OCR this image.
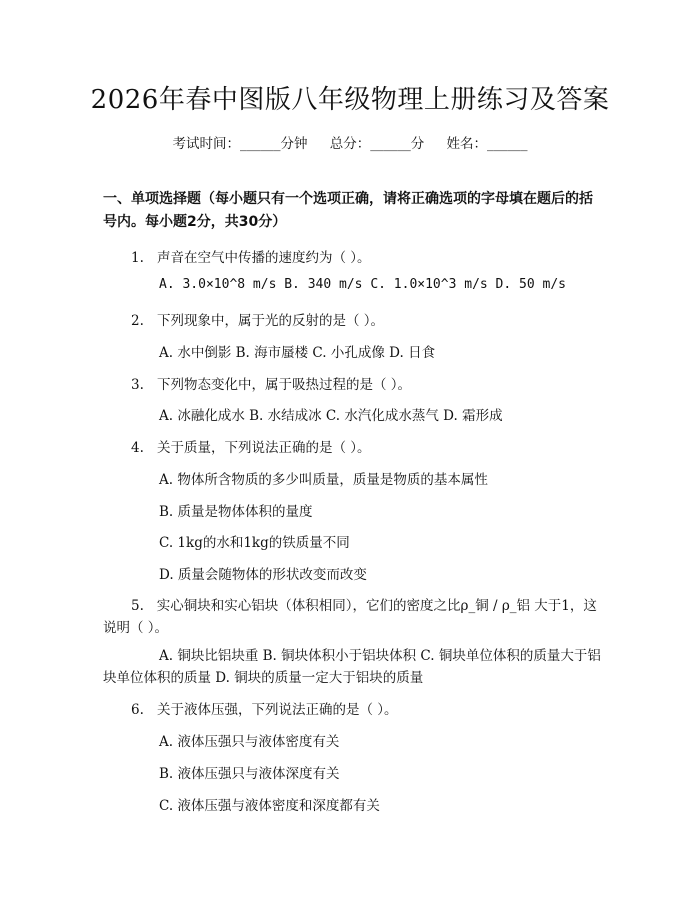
2026年春中图版八年级物理上册练习及答案
考试时间：______分钟 总分：______分 姓名：______
一、单项选择题（每小题只有一个选项正确，请将正确选项的字母填在题后的括号内。每小题2分，共30分）
1. 声音在空气中传播的速度约为（ ）。
A. 3.0×10^8 m/s B. 340 m/s C. 1.0×10^3 m/s D. 50 m/s
2. 下列现象中，属于光的反射的是（ ）。
A. 水中倒影 B. 海市蜃楼 C. 小孔成像 D. 日食
3. 下列物态变化中，属于吸热过程的是（ ）。
A. 冰融化成水 B. 水结成冰 C. 水汽化成水蒸气 D. 霜形成
4. 关于质量，下列说法正确的是（ ）。
A. 物体所含物质的多少叫质量，质量是物质的基本属性
B. 质量是物体体积的量度
C. 1kg的水和1kg的铁质量不同
D. 质量会随物体的形状改变而改变
5. 实心铜块和实心铝块（体积相同），它们的密度之比ρ_铜 / ρ_铝 大于1，这说明（ ）。
A. 铜块比铝块重 B. 铜块体积小于铝块体积 C. 铜块单位体积的质量大于铝块单位体积的质量 D. 铜块的质量一定大于铝块的质量
6. 关于液体压强，下列说法正确的是（ ）。
A. 液体压强只与液体密度有关
B. 液体压强只与液体深度有关
C. 液体压强与液体密度和深度都有关
